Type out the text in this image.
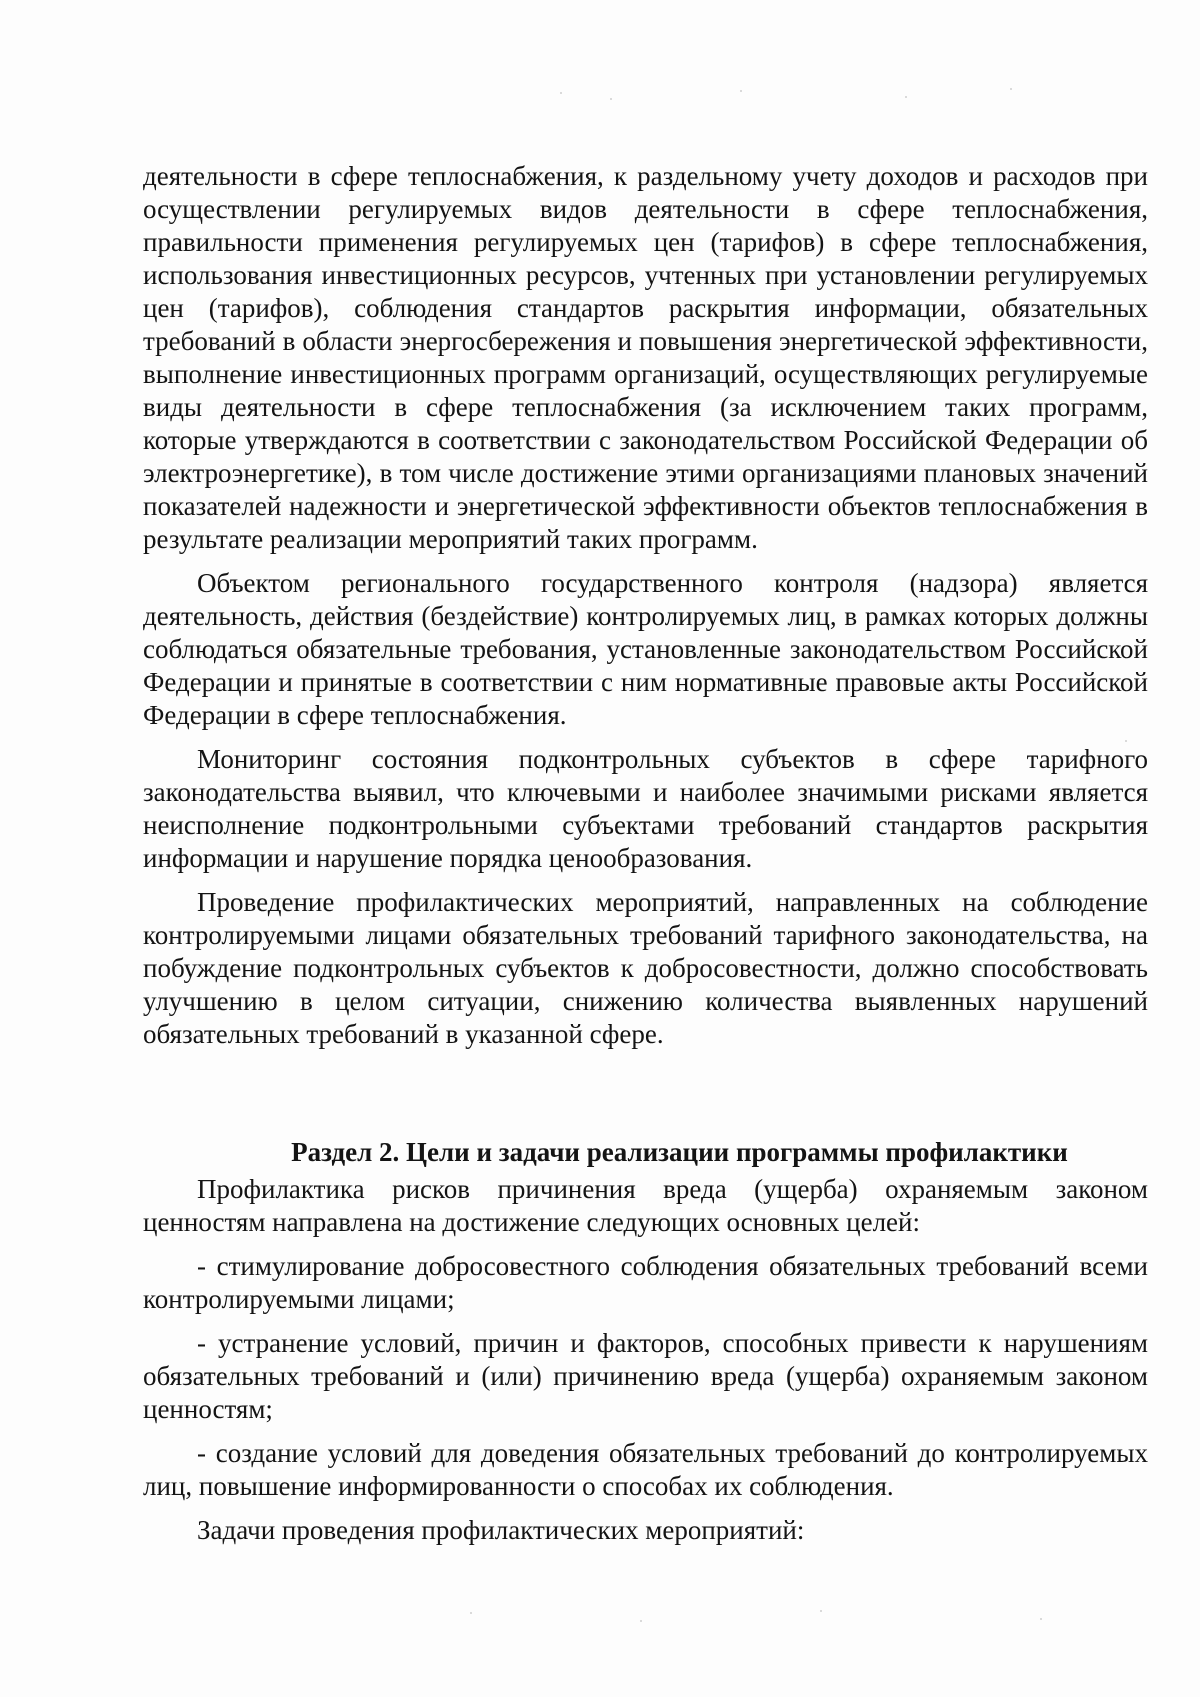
деятельности в сфере теплоснабжения, к раздельному учету доходов и расходов при осуществлении регулируемых видов деятельности в сфере теплоснабжения, правильности применения регулируемых цен (тарифов) в сфере теплоснабжения, использования инвестиционных ресурсов, учтенных при установлении регулируемых цен (тарифов), соблюдения стандартов раскрытия информации, обязательных требований в области энергосбережения и повышения энергетической эффективности, выполнение инвестиционных программ организаций, осуществляющих регулируемые виды деятельности в сфере теплоснабжения (за исключением таких программ, которые утверждаются в соответствии с законодательством Российской Федерации об электроэнергетике), в том числе достижение этими организациями плановых значений показателей надежности и энергетической эффективности объектов теплоснабжения в результате реализации мероприятий таких программ.

Объектом регионального государственного контроля (надзора) является деятельность, действия (бездействие) контролируемых лиц, в рамках которых должны соблюдаться обязательные требования, установленные законодательством Российской Федерации и принятые в соответствии с ним нормативные правовые акты Российской Федерации в сфере теплоснабжения.

Мониторинг состояния подконтрольных субъектов в сфере тарифного законодательства выявил, что ключевыми и наиболее значимыми рисками является неисполнение подконтрольными субъектами требований стандартов раскрытия информации и нарушение порядка ценообразования.

Проведение профилактических мероприятий, направленных на соблюдение контролируемыми лицами обязательных требований тарифного законодательства, на побуждение подконтрольных субъектов к добросовестности, должно способствовать улучшению в целом ситуации, снижению количества выявленных нарушений обязательных требований в указанной сфере.

Раздел 2. Цели и задачи реализации программы профилактики

Профилактика рисков причинения вреда (ущерба) охраняемым законом ценностям направлена на достижение следующих основных целей:

- стимулирование добросовестного соблюдения обязательных требований всеми контролируемыми лицами;

- устранение условий, причин и факторов, способных привести к нарушениям обязательных требований и (или) причинению вреда (ущерба) охраняемым законом ценностям;

- создание условий для доведения обязательных требований до контролируемых лиц, повышение информированности о способах их соблюдения.

Задачи проведения профилактических мероприятий:
